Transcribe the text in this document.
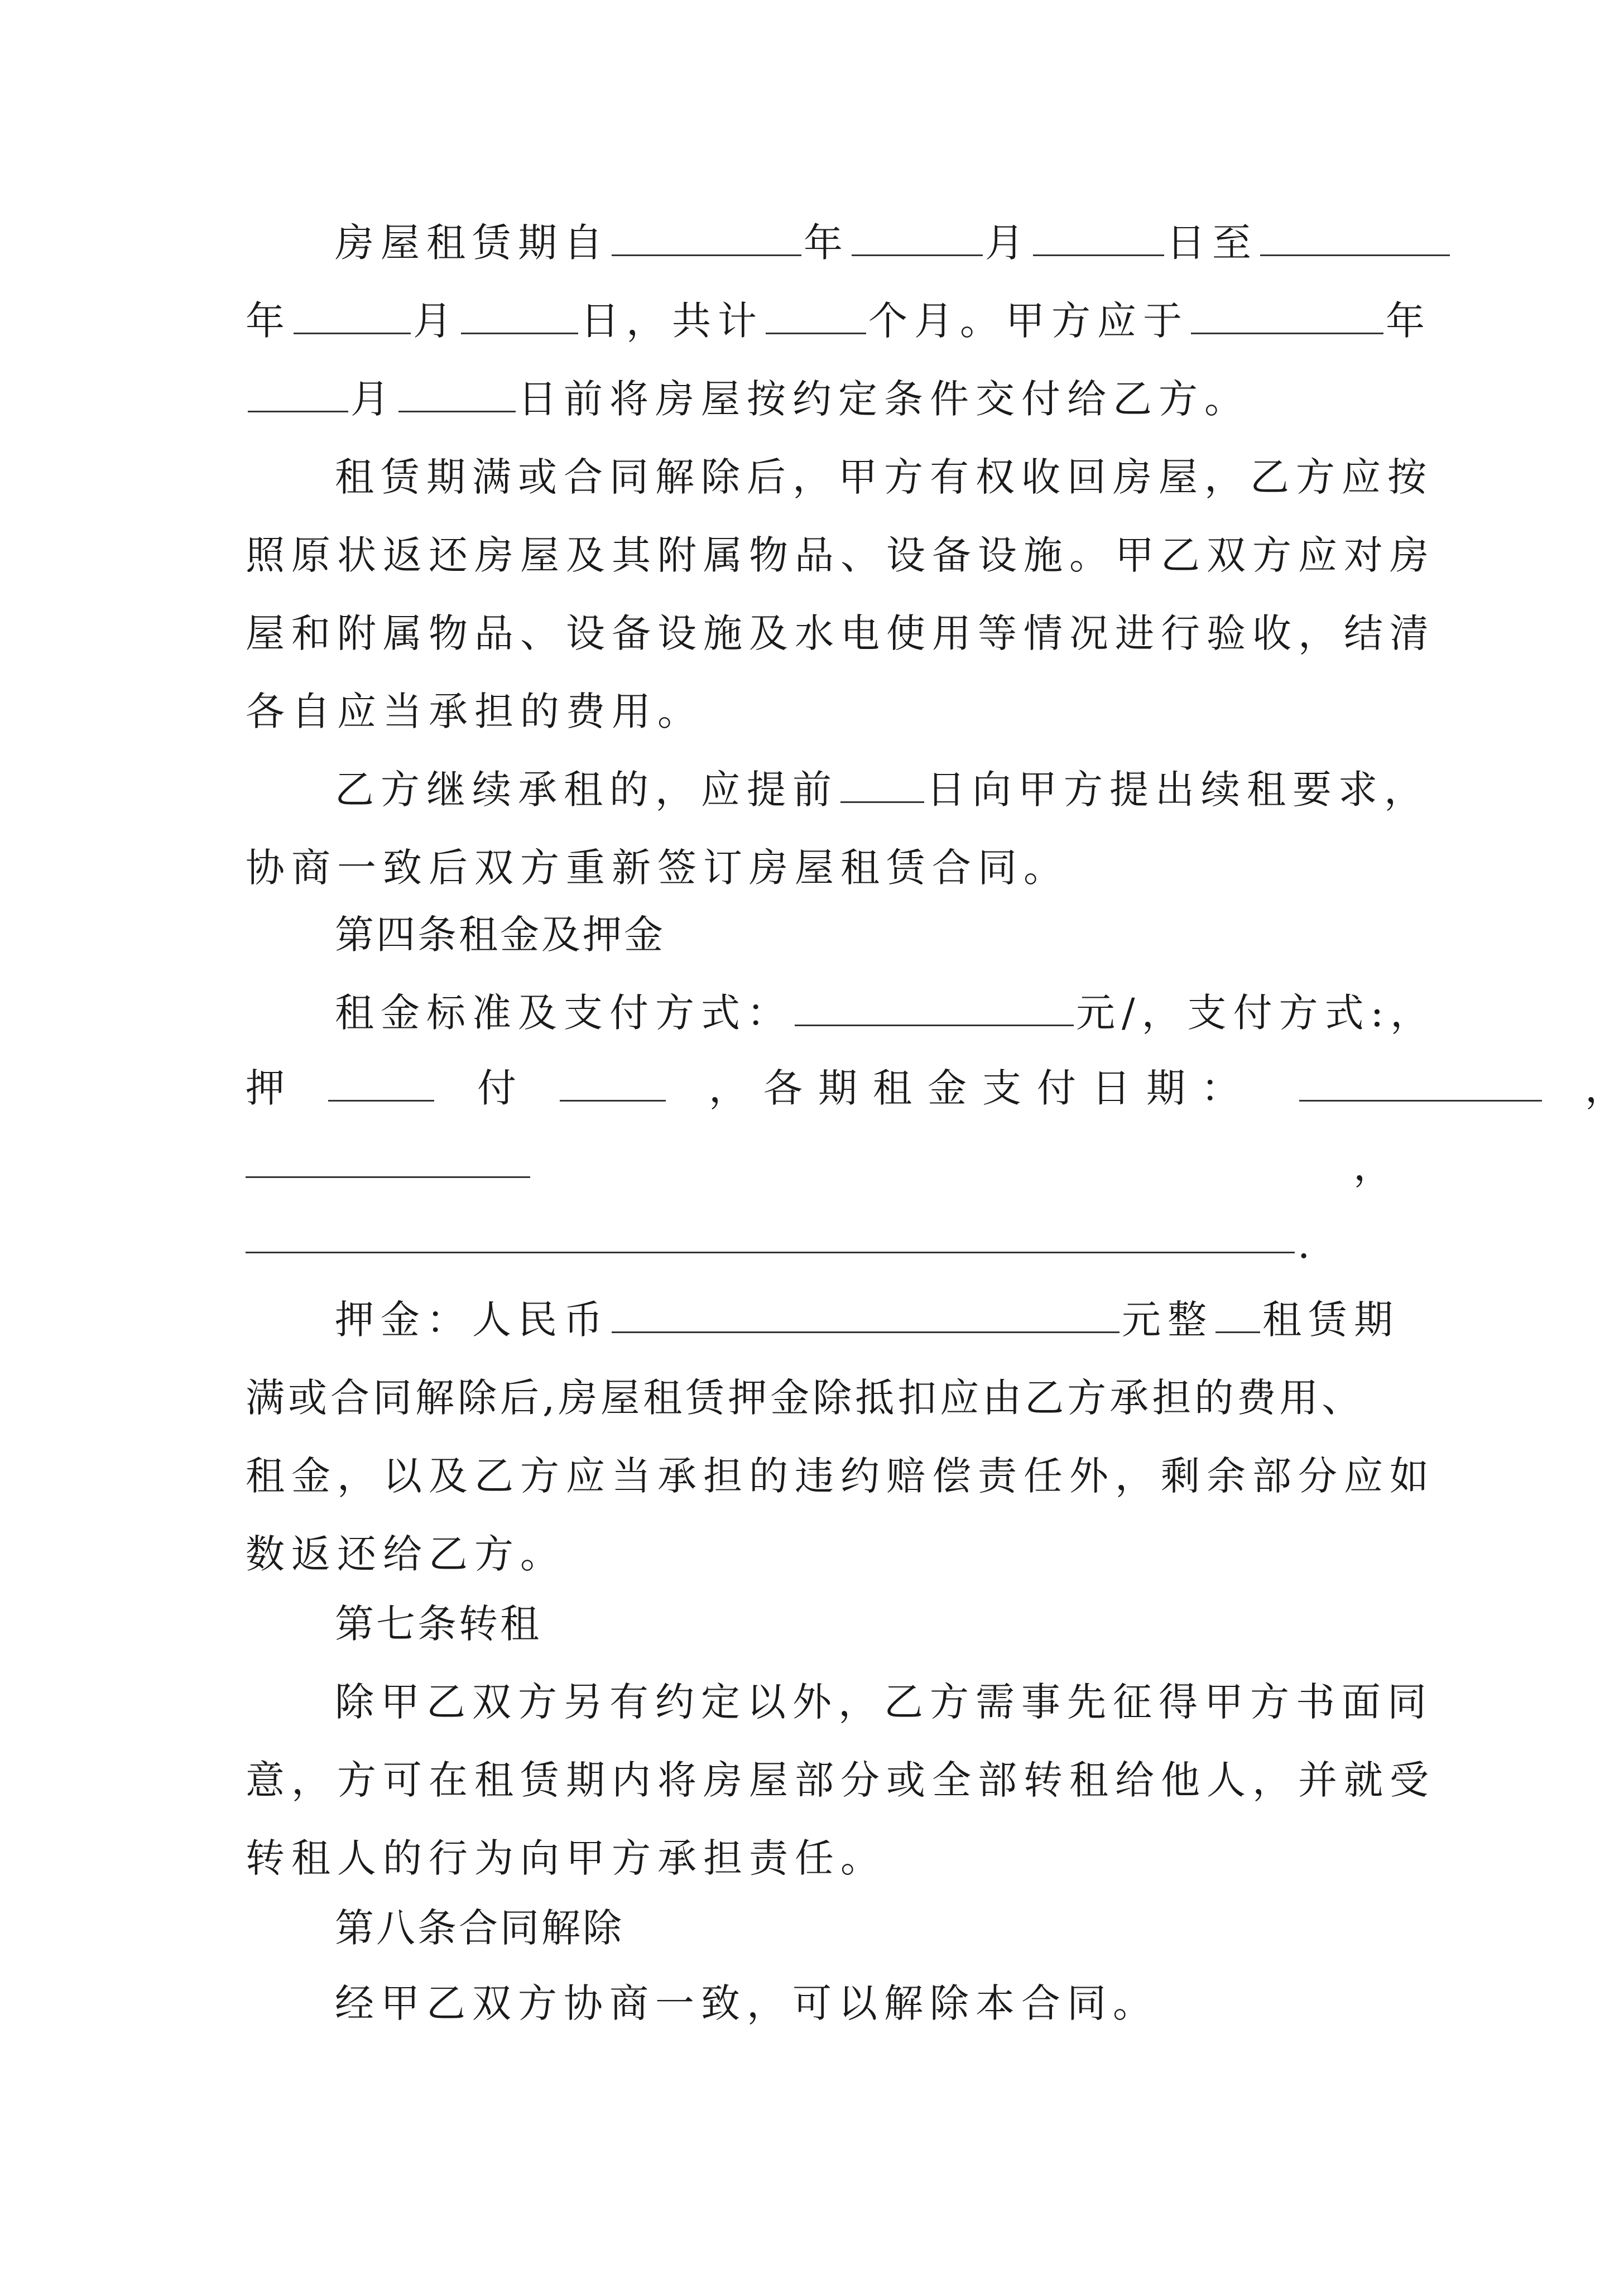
房屋租赁期自	年	月	日至
年	月	日，共计	个月。甲方应于	年
月	日前将房屋按约定条件交付给乙方。
租赁期满或合同解除后，甲方有权收回房屋，乙方应按
照原状返还房屋及其附属物品、设备设施。甲乙双方应对房
屋和附属物品、设备设施及水电使用等情况进行验收，结清
各自应当承担的费用。
乙方继续承租的，应提前 日向甲方提出续租要求，
协商一致后双方重新签订房屋租赁合同。
第四条租金及押金
租金标准及支付方式：	元/，支付方式:，
押	付	，各期租金支付日期：	，
，
.
押金：人民币	元整 租赁期
满或合同解除后,房屋租赁押金除抵扣应由乙方承担的费用、
租金，以及乙方应当承担的违约赔偿责任外，剩余部分应如
数返还给乙方。
第七条转租
除甲乙双方另有约定以外，乙方需事先征得甲方书面同
意，方可在租赁期内将房屋部分或全部转租给他人，并就受
转租人的行为向甲方承担责任。
第八条合同解除
经甲乙双方协商一致，可以解除本合同。
